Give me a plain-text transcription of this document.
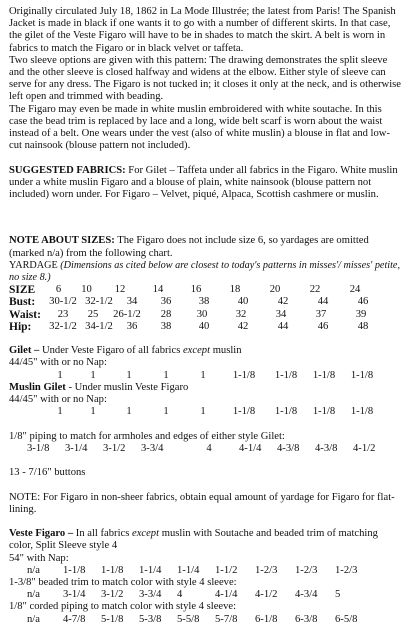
Originally circulated July 18, 1862 in La Mode Illustrée; the latest from Paris! The Spanish Jacket is made in black if one wants it to go with a number of different skirts. In that case, the gilet of the Veste Figaro will have to be in shades to match the skirt. A belt is worn in fabrics to match the Figaro or in black velvet or taffeta.

Two sleeve options are given with this pattern: The drawing demonstrates the split sleeve and the other sleeve is closed halfway and widens at the elbow. Either style of sleeve can serve for any dress. The Figaro is not tucked in; it closes it only at the neck, and is otherwise left open and trimmed with beading.

The Figaro may even be made in white muslin embroidered with white soutache. In this case the bead trim is replaced by lace and a long, wide belt scarf is worn about the waist instead of a belt. One wears under the vest (also of white muslin) a blouse in flat and low-cut nainsook (blouse pattern not included).

SUGGESTED FABRICS: For Gilet – Taffeta under all fabrics in the Figaro. White muslin under a white muslin Figaro and a blouse of plain, white nainsook (blouse pattern not included) worn under. For Figaro – Velvet, piqué, Alpaca, Scottish cashmere or muslin.

NOTE ABOUT SIZES: The Figaro does not include size 6, so yardages are omitted (marked n/a) from the following chart.

YARDAGE (Dimensions as cited below are closest to today's patterns in misses'/ misses' petite, no size 8.)

SIZE	6	10	12	14	16	18	20	22	24
Bust:	30-1/2 32-1/2	34	36	38	40	42	44	46
Waist:	23	25	26-1/2	28	30	32	34	37	39
Hip:	32-1/2 34-1/2	36	38	40	42	44	46	48

Gilet – Under Veste Figaro of all fabrics except muslin

44/45" with or no Nap:

1	1	1	1	1	1-1/8	1-1/8	1-1/8	1-1/8

Muslin Gilet - Under muslin Veste Figaro

44/45" with or no Nap:

1	1	1	1	1	1-1/8	1-1/8	1-1/8	1-1/8

1/8" piping to match for armholes and edges of either style Gilet:

3-1/8	3-1/4	3-1/2	3-3/4	4	4-1/4	4-3/8	4-3/8	4-1/2

13 - 7/16" buttons

NOTE: For Figaro in non-sheer fabrics, obtain equal amount of yardage for Figaro for flat-lining.

Veste Figaro – In all fabrics except muslin with Soutache and beaded trim of matching color, Split Sleeve style 4

54" with Nap:

n/a	1-1/8	1-1/8	1-1/4	1-1/4	1-1/2	1-2/3	1-2/3	1-2/3

1-3/8" beaded trim to match color with style 4 sleeve:

n/a	3-1/4	3-1/2	3-3/4	4	4-1/4	4-1/2	4-3/4	5

1/8" corded piping to match color with style 4 sleeve:

n/a	4-7/8	5-1/8	5-3/8	5-5/8	5-7/8	6-1/8	6-3/8	6-5/8
